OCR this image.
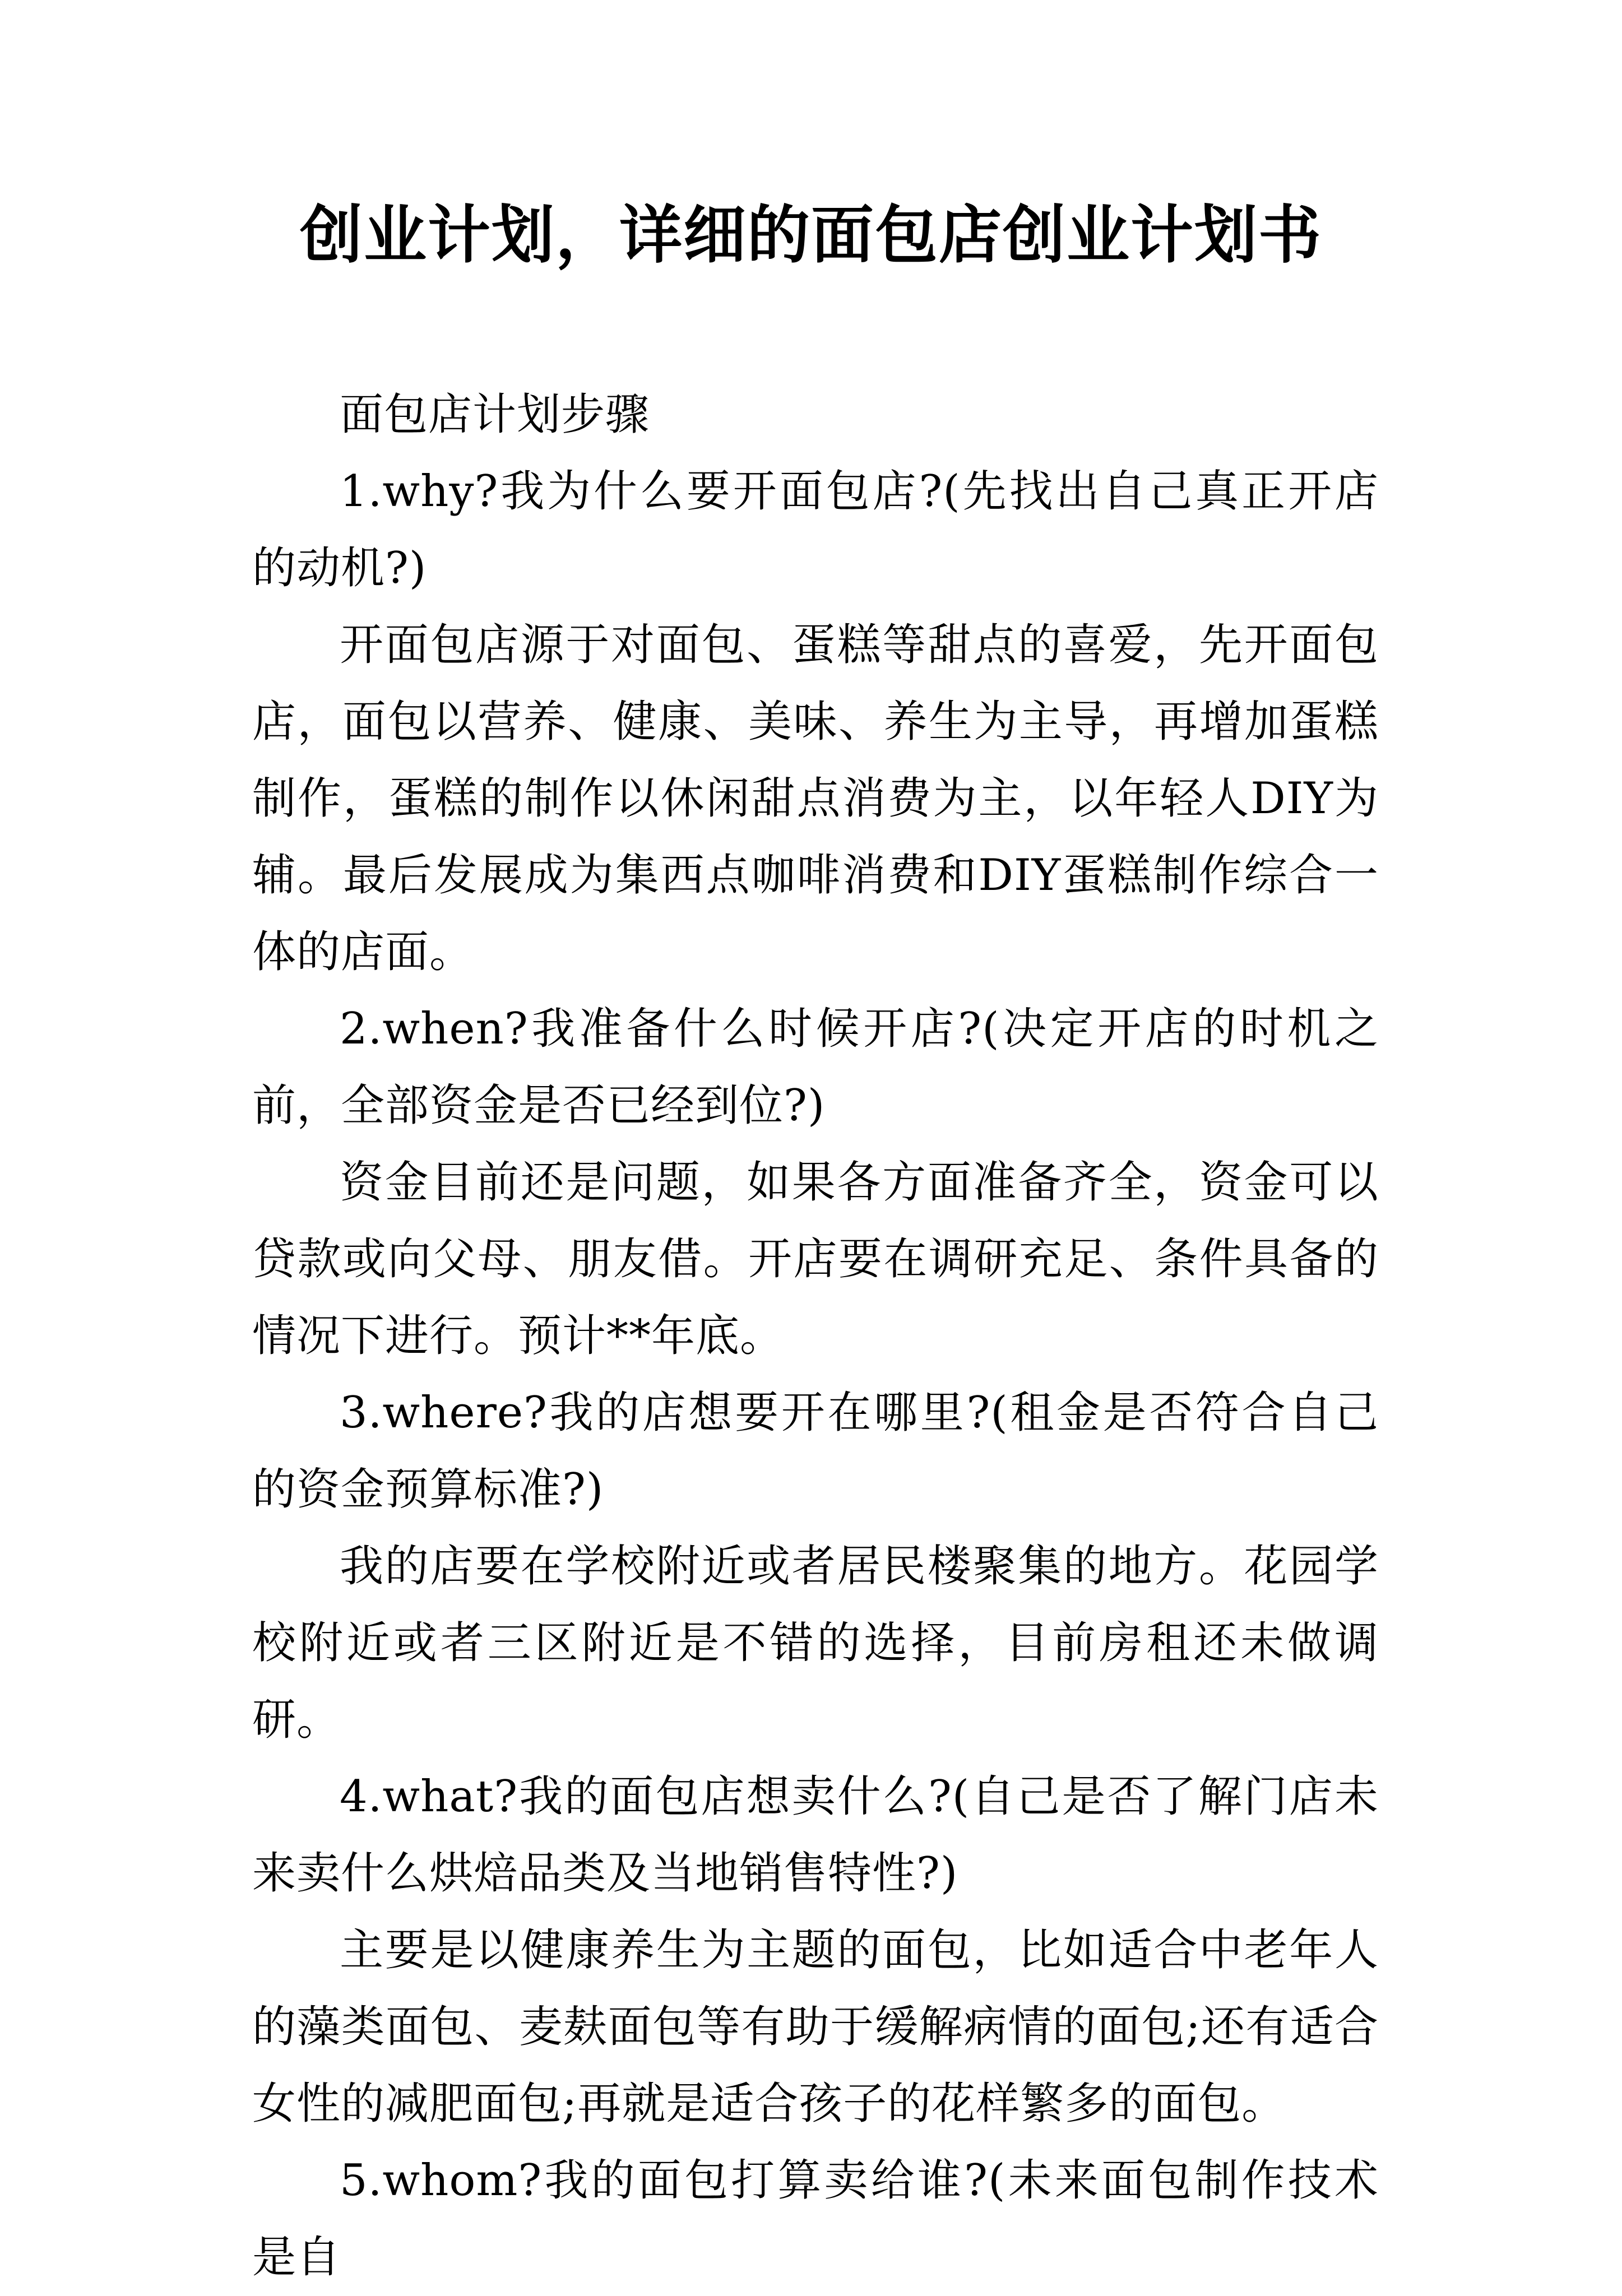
创业计划，详细的面包店创业计划书

面包店计划步骤

1.why?我为什么要开面包店?(先找出自己真正开店的动机?)

开面包店源于对面包、蛋糕等甜点的喜爱，先开面包店，面包以营养、健康、美味、养生为主导，再增加蛋糕制作，蛋糕的制作以休闲甜点消费为主，以年轻人DIY为辅。最后发展成为集西点咖啡消费和DIY蛋糕制作综合一体的店面。

2.when?我准备什么时候开店?(决定开店的时机之前，全部资金是否已经到位?)

资金目前还是问题，如果各方面准备齐全，资金可以贷款或向父母、朋友借。开店要在调研充足、条件具备的情况下进行。预计**年底。

3.where?我的店想要开在哪里?(租金是否符合自己的资金预算标准?)

我的店要在学校附近或者居民楼聚集的地方。花园学校附近或者三区附近是不错的选择，目前房租还未做调研。

4.what?我的面包店想卖什么?(自己是否了解门店未来卖什么烘焙品类及当地销售特性?)

主要是以健康养生为主题的面包，比如适合中老年人的藻类面包、麦麸面包等有助于缓解病情的面包;还有适合女性的减肥面包;再就是适合孩子的花样繁多的面包。

5.whom?我的面包打算卖给谁?(未来面包制作技术是自
